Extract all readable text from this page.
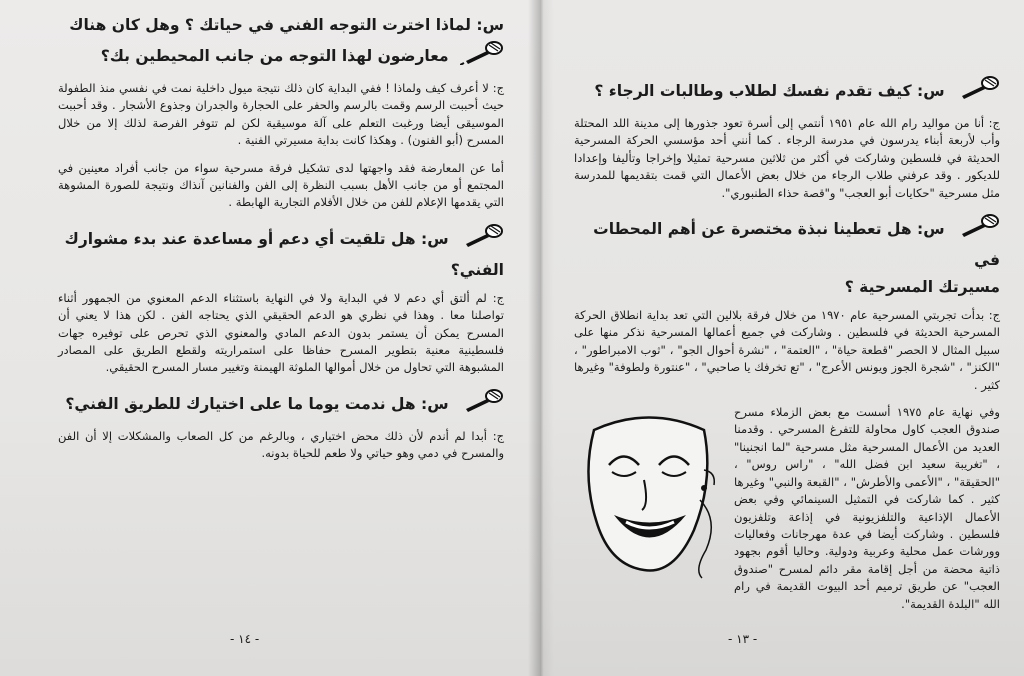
س: لماذا اخترت التوجه الفني في حياتك ؟ وهل كان هناك
معارضون لهذا التوجه من جانب المحيطين بك؟

ج: لا أعرف كيف ولماذا ! ففي البداية كان ذلك نتيجة ميول داخلية نمت في نفسي منذ الطفولة حيث أحببت الرسم وقمت بالرسم والحفر على الحجارة والجدران وجذوع الأشجار . وقد أحببت الموسيقى أيضا ورغبت التعلم على آلة موسيقية لكن لم تتوفر الفرصة لذلك إلا من خلال المسرح (أبو الفنون) . وهكذا كانت بداية مسيرتي الفنية .

أما عن المعارضة فقد واجهتها لدى تشكيل فرقة مسرحية سواء من جانب أفراد معينين في المجتمع أو من جانب الأهل بسبب النظرة إلى الفن والفنانين آنذاك ونتيجة للصورة المشوهة التي يقدمها الإعلام للفن من خلال الأفلام التجارية الهابطة .

س: هل تلقيت أي دعم أو مساعدة عند بدء مشوارك
الفني؟

ج: لم ألتق أي دعم لا في البداية ولا في النهاية باستثناء الدعم المعنوي من الجمهور أثناء تواصلنا معا . وهذا في نظري هو الدعم الحقيقي الذي يحتاجه الفن . لكن هذا لا يعني أن المسرح يمكن أن يستمر بدون الدعم المادي والمعنوي الذي تحرص على توفيره جهات فلسطينية معنية بتطوير المسرح حفاظا على استمراريته ولقطع الطريق على المصادر المشبوهة التي تحاول من خلال أموالها الملوثة الهيمنة وتغيير مسار المسرح الحقيقي.

س: هل ندمت يوما ما على اختيارك للطريق الفني؟

ج: أبدا لم أندم لأن ذلك محض اختياري ، وبالرغم من كل الصعاب والمشكلات إلا أن الفن والمسرح في دمي وهو حياتي ولا طعم للحياة بدونه.

- ١٤ -
س: كيف تقدم نفسك لطلاب وطالبات الرجاء ؟

ج: أنا من مواليد رام الله عام ١٩٥١ أنتمي إلى أسرة تعود جذورها إلى مدينة اللد المحتلة وأب لأربعة أبناء يدرسون في مدرسة الرجاء . كما أنني أحد مؤسسي الحركة المسرحية الحديثة في فلسطين وشاركت في أكثر من ثلاثين مسرحية تمثيلا وإخراجا وتأليفا وإعدادا للديكور . وقد عرفني طلاب الرجاء من خلال بعض الأعمال التي قمت بتقديمها للمدرسة مثل مسرحية "حكايات أبو العجب" و"قصة حذاء الطنبوري".

س: هل تعطينا نبذة مختصرة عن أهم المحطات في
مسيرتك المسرحية ؟

ج: بدأت تجربتي المسرحية عام ١٩٧٠ من خلال فرقة بلالين التي تعد بداية انطلاق الحركة المسرحية الحديثة في فلسطين . وشاركت في جميع أعمالها المسرحية نذكر منها على سبيل المثال لا الحصر "قطعة حياة" ، "العتمة" ، "نشرة أحوال الجو" ، "ثوب الامبراطور" ، "الكنز" ، "شجرة الجوز ويونس الأعرج" ، "تع تخرفك يا صاحبي" ، "عنتورة ولطوفة" وغيرها كثير .

وفي نهاية عام ١٩٧٥ أسست مع بعض الزملاء مسرح صندوق العجب كاول محاولة للتفرغ المسرحي . وقدمنا العديد من الأعمال المسرحية مثل مسرحية "لما انجنينا" ، "تغريبة سعيد ابن فضل الله" ، "راس روس" ، "الحقيقة" ، "الأعمى والأطرش" ، "القبعة والنبي" وغيرها كثير . كما شاركت في التمثيل السينمائي وفي بعض الأعمال الإذاعية والتلفزيونية في إذاعة وتلفزيون فلسطين . وشاركت أيضا في عدة مهرجانات وفعاليات وورشات عمل محلية وعربية ودولية. وحاليا أقوم بجهود ذاتية محضة من أجل إقامة مقر دائم لمسرح "صندوق العجب" عن طريق ترميم أحد البيوت القديمة في رام الله "البلدة القديمة".

- ١٣ -
